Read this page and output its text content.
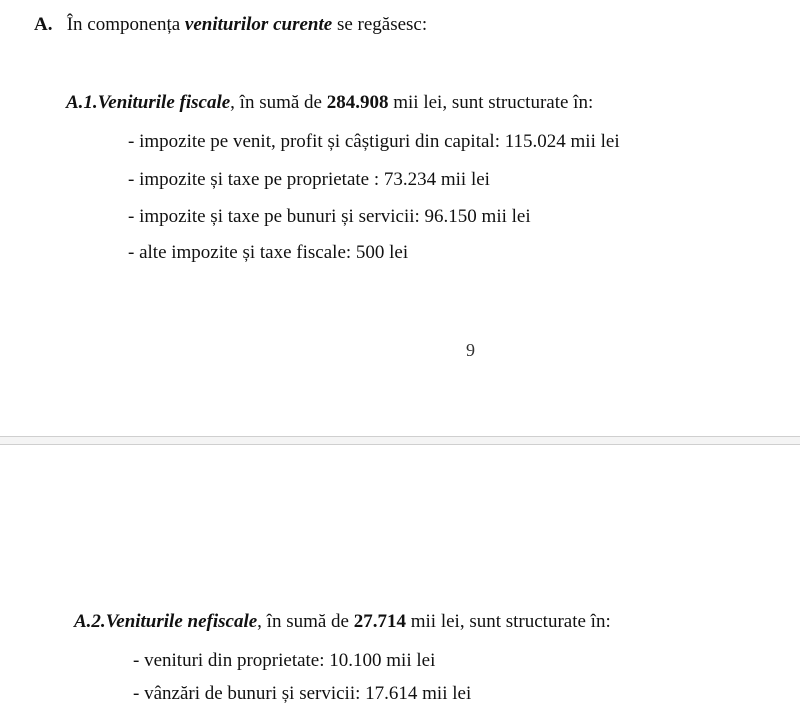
A. În componența veniturilor curente se regăsesc:
A.1.Veniturile fiscale, în sumă de 284.908 mii lei, sunt structurate în:
- impozite pe venit, profit și câștiguri din capital: 115.024 mii lei
- impozite și taxe pe proprietate : 73.234 mii lei
- impozite și taxe pe bunuri și servicii: 96.150 mii lei
- alte impozite și taxe fiscale: 500 lei
9
A.2.Veniturile nefiscale, în sumă de 27.714 mii lei, sunt structurate în:
- venituri din proprietate: 10.100 mii lei
- vânzări de bunuri și servicii: 17.614 mii lei
